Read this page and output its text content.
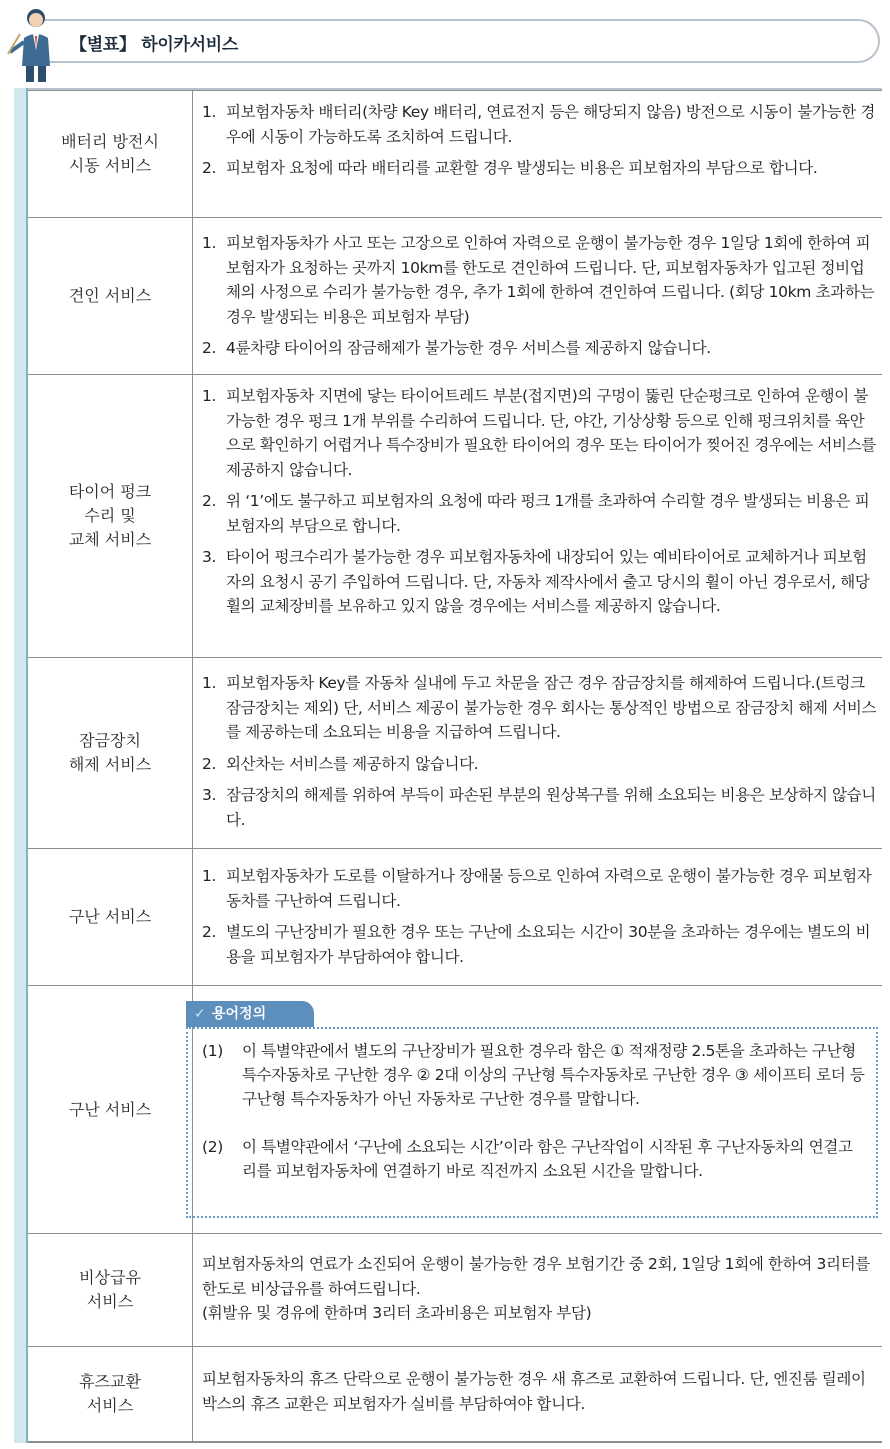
【별표】 하이카서비스
배터리 방전시
시동 서비스
1. 피보험자동차 배터리(차량 Key 배터리, 연료전지 등은 해당되지 않음) 방전으로 시동이 불가능한 경우에 시동이 가능하도록 조치하여 드립니다.
2. 피보험자 요청에 따라 배터리를 교환할 경우 발생되는 비용은 피보험자의 부담으로 합니다.
견인 서비스
1. 피보험자동차가 사고 또는 고장으로 인하여 자력으로 운행이 불가능한 경우 1일당 1회에 한하여 피보험자가 요청하는 곳까지 10km를 한도로 견인하여 드립니다. 단, 피보험자동차가 입고된 정비업체의 사정으로 수리가 불가능한 경우, 추가 1회에 한하여 견인하여 드립니다. (회당 10km 초과하는 경우 발생되는 비용은 피보험자 부담)
2. 4륜차량 타이어의 잠금해제가 불가능한 경우 서비스를 제공하지 않습니다.
타이어 펑크
수리 및
교체 서비스
1. 피보험자동차 지면에 닿는 타이어트레드 부분(접지면)의 구멍이 뚫린 단순펑크로 인하여 운행이 불가능한 경우 펑크 1개 부위를 수리하여 드립니다. 단, 야간, 기상상황 등으로 인해 펑크위치를 육안으로 확인하기 어렵거나 특수장비가 필요한 타이어의 경우 또는 타이어가 찢어진 경우에는 서비스를 제공하지 않습니다.
2. 위 ‘1’에도 불구하고 피보험자의 요청에 따라 펑크 1개를 초과하여 수리할 경우 발생되는 비용은 피보험자의 부담으로 합니다.
3. 타이어 펑크수리가 불가능한 경우 피보험자동차에 내장되어 있는 예비타이어로 교체하거나 피보험자의 요청시 공기 주입하여 드립니다. 단, 자동차 제작사에서 출고 당시의 휠이 아닌 경우로서, 해당 휠의 교체장비를 보유하고 있지 않을 경우에는 서비스를 제공하지 않습니다.
잠금장치
해제 서비스
1. 피보험자동차 Key를 자동차 실내에 두고 차문을 잠근 경우 잠금장치를 해제하여 드립니다.(트렁크 잠금장치는 제외) 단, 서비스 제공이 불가능한 경우 회사는 통상적인 방법으로 잠금장치 해제 서비스를 제공하는데 소요되는 비용을 지급하여 드립니다.
2. 외산차는 서비스를 제공하지 않습니다.
3. 잠금장치의 해제를 위하여 부득이 파손된 부분의 원상복구를 위해 소요되는 비용은 보상하지 않습니다.
구난 서비스
1. 피보험자동차가 도로를 이탈하거나 장애물 등으로 인하여 자력으로 운행이 불가능한 경우 피보험자동차를 구난하여 드립니다.
2. 별도의 구난장비가 필요한 경우 또는 구난에 소요되는 시간이 30분을 초과하는 경우에는 별도의 비용을 피보험자가 부담하여야 합니다.
구난 서비스
✓ 용어정의
(1)	이 특별약관에서 별도의 구난장비가 필요한 경우라 함은 ① 적재정량 2.5톤을 초과하는 구난형 특수자동차로 구난한 경우 ② 2대 이상의 구난형 특수자동차로 구난한 경우 ③ 세이프티 로더 등 구난형 특수자동차가 아닌 자동차로 구난한 경우를 말합니다.
(2)	이 특별약관에서 ‘구난에 소요되는 시간’이라 함은 구난작업이 시작된 후 구난자동차의 연결고리를 피보험자동차에 연결하기 바로 직전까지 소요된 시간을 말합니다.
비상급유
서비스
피보험자동차의 연료가 소진되어 운행이 불가능한 경우 보험기간 중 2회, 1일당 1회에 한하여 3리터를 한도로 비상급유를 하여드립니다.
(휘발유 및 경유에 한하며 3리터 초과비용은 피보험자 부담)
휴즈교환
서비스
피보험자동차의 휴즈 단락으로 운행이 불가능한 경우 새 휴즈로 교환하여 드립니다. 단, 엔진룸 릴레이박스의 휴즈 교환은 피보험자가 실비를 부담하여야 합니다.
